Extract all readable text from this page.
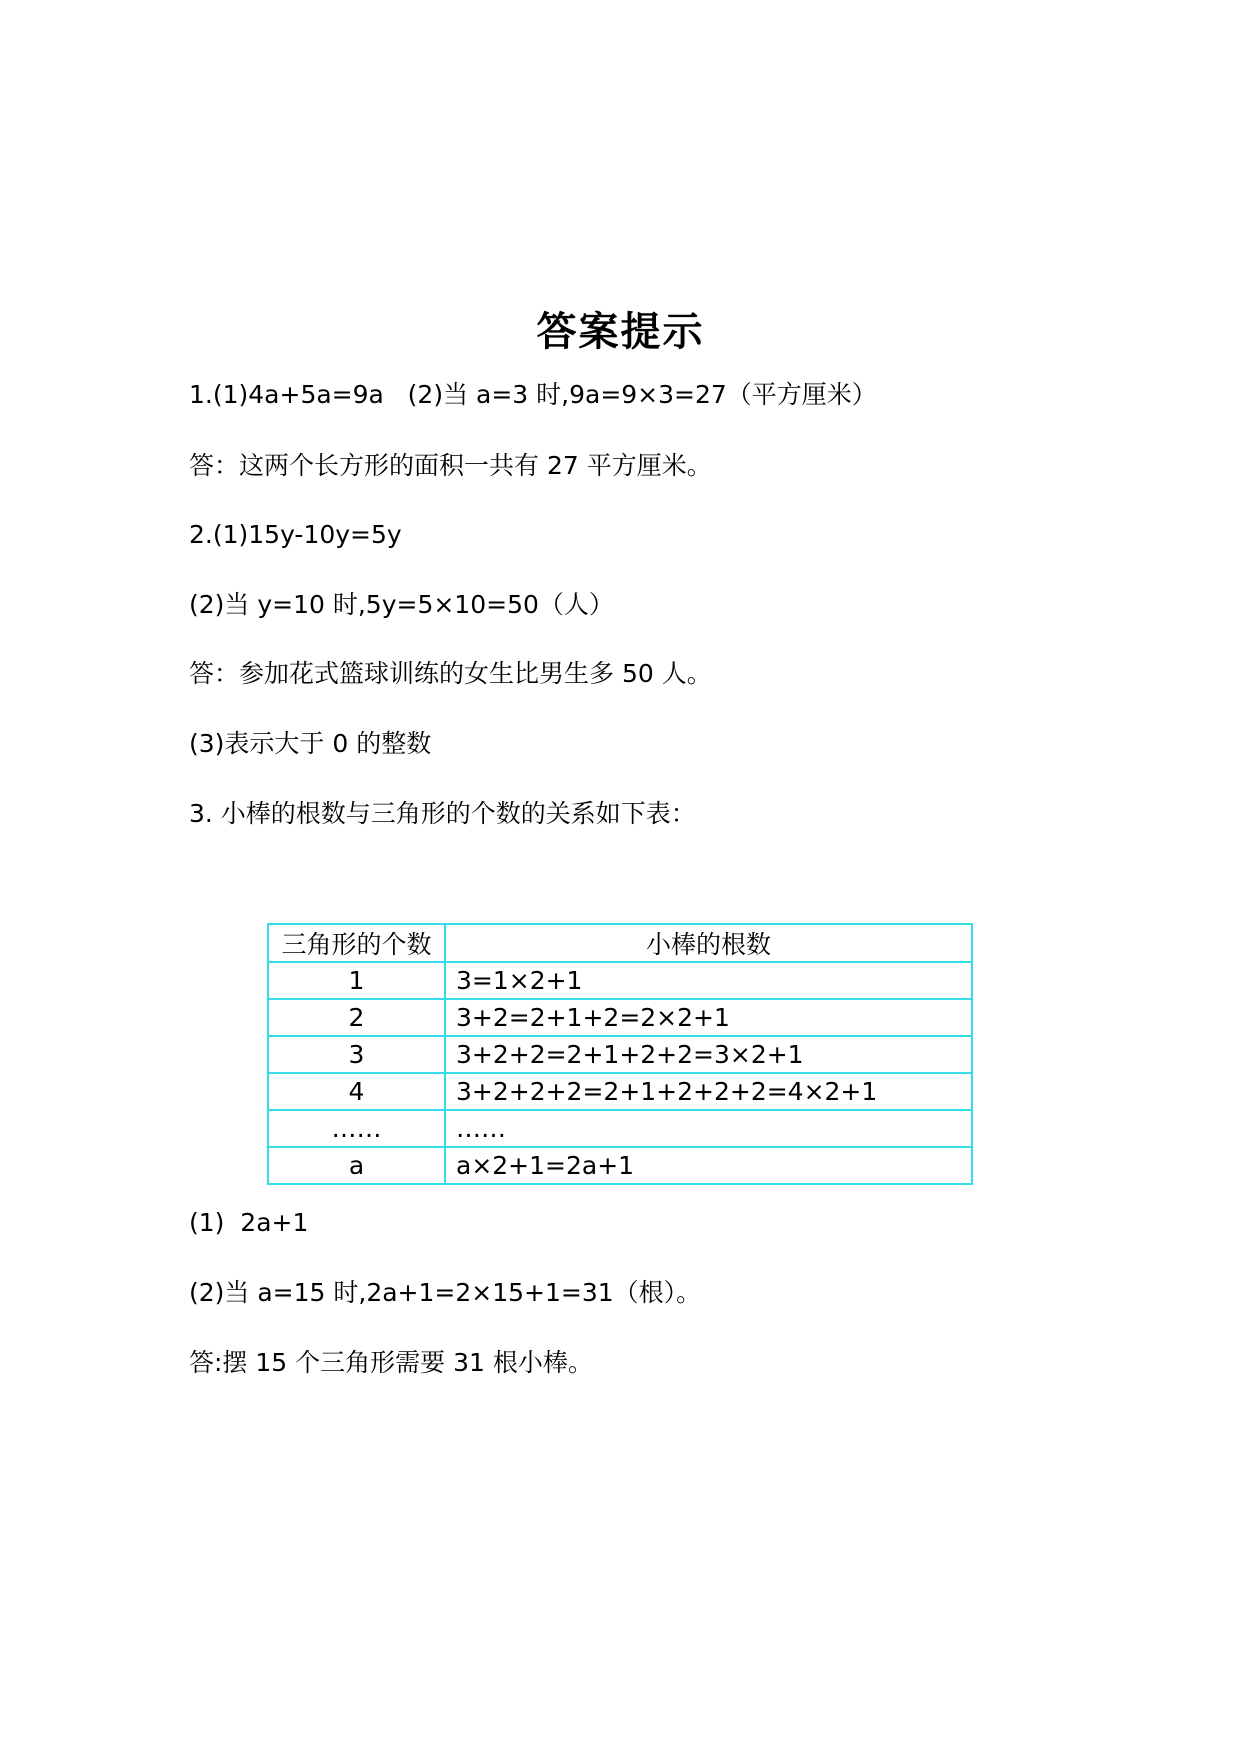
答案提示
1.(1)4a+5a=9a   (2)当 a=3 时,9a=9×3=27（平方厘米）
答：这两个长方形的面积一共有 27 平方厘米。
2.(1)15y-10y=5y
(2)当 y=10 时,5y=5×10=50（人）
答：参加花式篮球训练的女生比男生多 50 人。
(3)表示大于 0 的整数
3. 小棒的根数与三角形的个数的关系如下表：
三角形的个数	小棒的根数
1	3=1×2+1
2	3+2=2+1+2=2×2+1
3	3+2+2=2+1+2+2=3×2+1
4	3+2+2+2=2+1+2+2+2=4×2+1
……	……
a	a×2+1=2a+1
(1)  2a+1
(2)当 a=15 时,2a+1=2×15+1=31（根）。
答:摆 15 个三角形需要 31 根小棒。
